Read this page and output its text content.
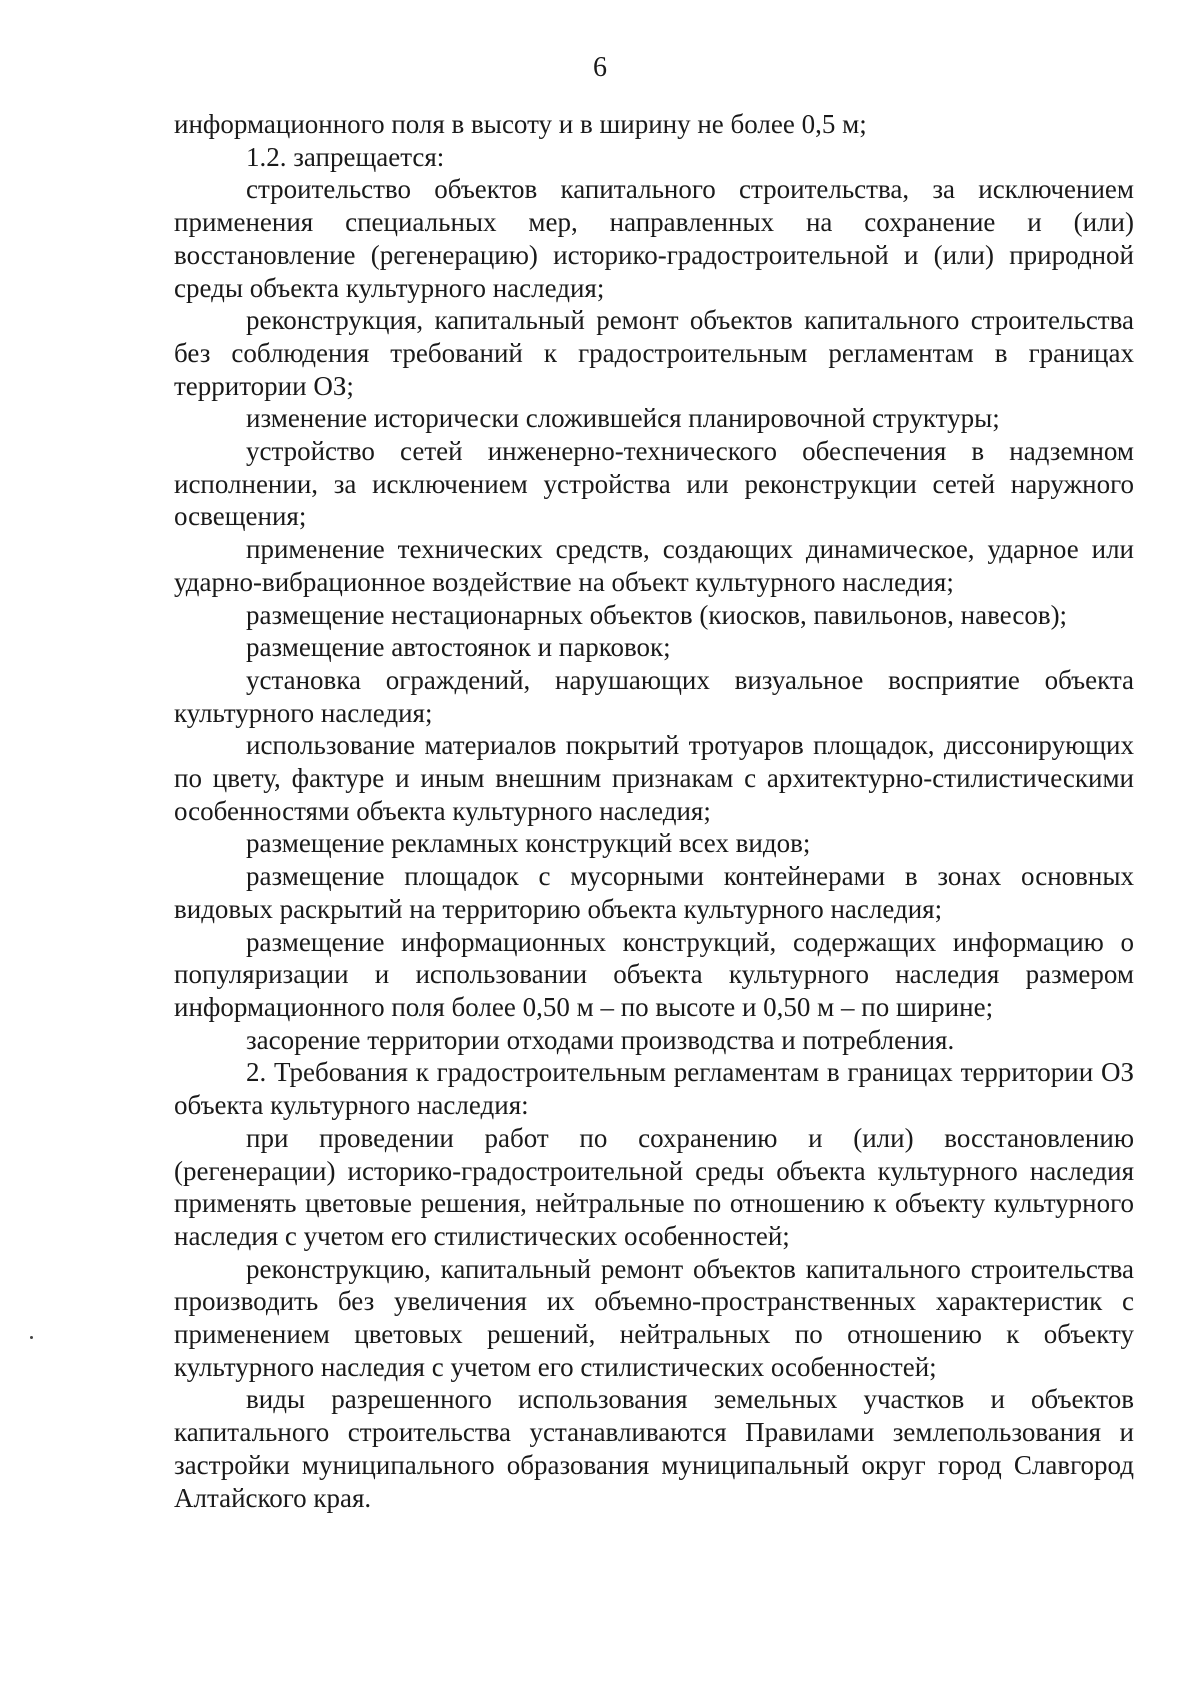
6

информационного поля в высоту и в ширину не более 0,5 м;

1.2. запрещается:

строительство объектов капитального строительства, за исключением применения специальных мер, направленных на сохранение и (или) восстановление (регенерацию) историко-градостроительной и (или) природной среды объекта культурного наследия;

реконструкция, капитальный ремонт объектов капитального строительства без соблюдения требований к градостроительным регламентам в границах территории ОЗ;

изменение исторически сложившейся планировочной структуры;

устройство сетей инженерно-технического обеспечения в надземном исполнении, за исключением устройства или реконструкции сетей наружного освещения;

применение технических средств, создающих динамическое, ударное или ударно-вибрационное воздействие на объект культурного наследия;

размещение нестационарных объектов (киосков, павильонов, навесов);

размещение автостоянок и парковок;

установка ограждений, нарушающих визуальное восприятие объекта культурного наследия;

использование материалов покрытий тротуаров площадок, диссонирующих по цвету, фактуре и иным внешним признакам с архитектурно-стилистическими особенностями объекта культурного наследия;

размещение рекламных конструкций всех видов;

размещение площадок с мусорными контейнерами в зонах основных видовых раскрытий на территорию объекта культурного наследия;

размещение информационных конструкций, содержащих информацию о популяризации и использовании объекта культурного наследия размером информационного поля более 0,50 м – по высоте и 0,50 м – по ширине;

засорение территории отходами производства и потребления.

2. Требования к градостроительным регламентам в границах территории ОЗ объекта культурного наследия:

при проведении работ по сохранению и (или) восстановлению (регенерации) историко-градостроительной среды объекта культурного наследия применять цветовые решения, нейтральные по отношению к объекту культурного наследия с учетом его стилистических особенностей;

реконструкцию, капитальный ремонт объектов капитального строительства производить без увеличения их объемно-пространственных характеристик с применением цветовых решений, нейтральных по отношению к объекту культурного наследия с учетом его стилистических особенностей;

виды разрешенного использования земельных участков и объектов капитального строительства устанавливаются Правилами землепользования и застройки муниципального образования муниципальный округ город Славгород Алтайского края.
